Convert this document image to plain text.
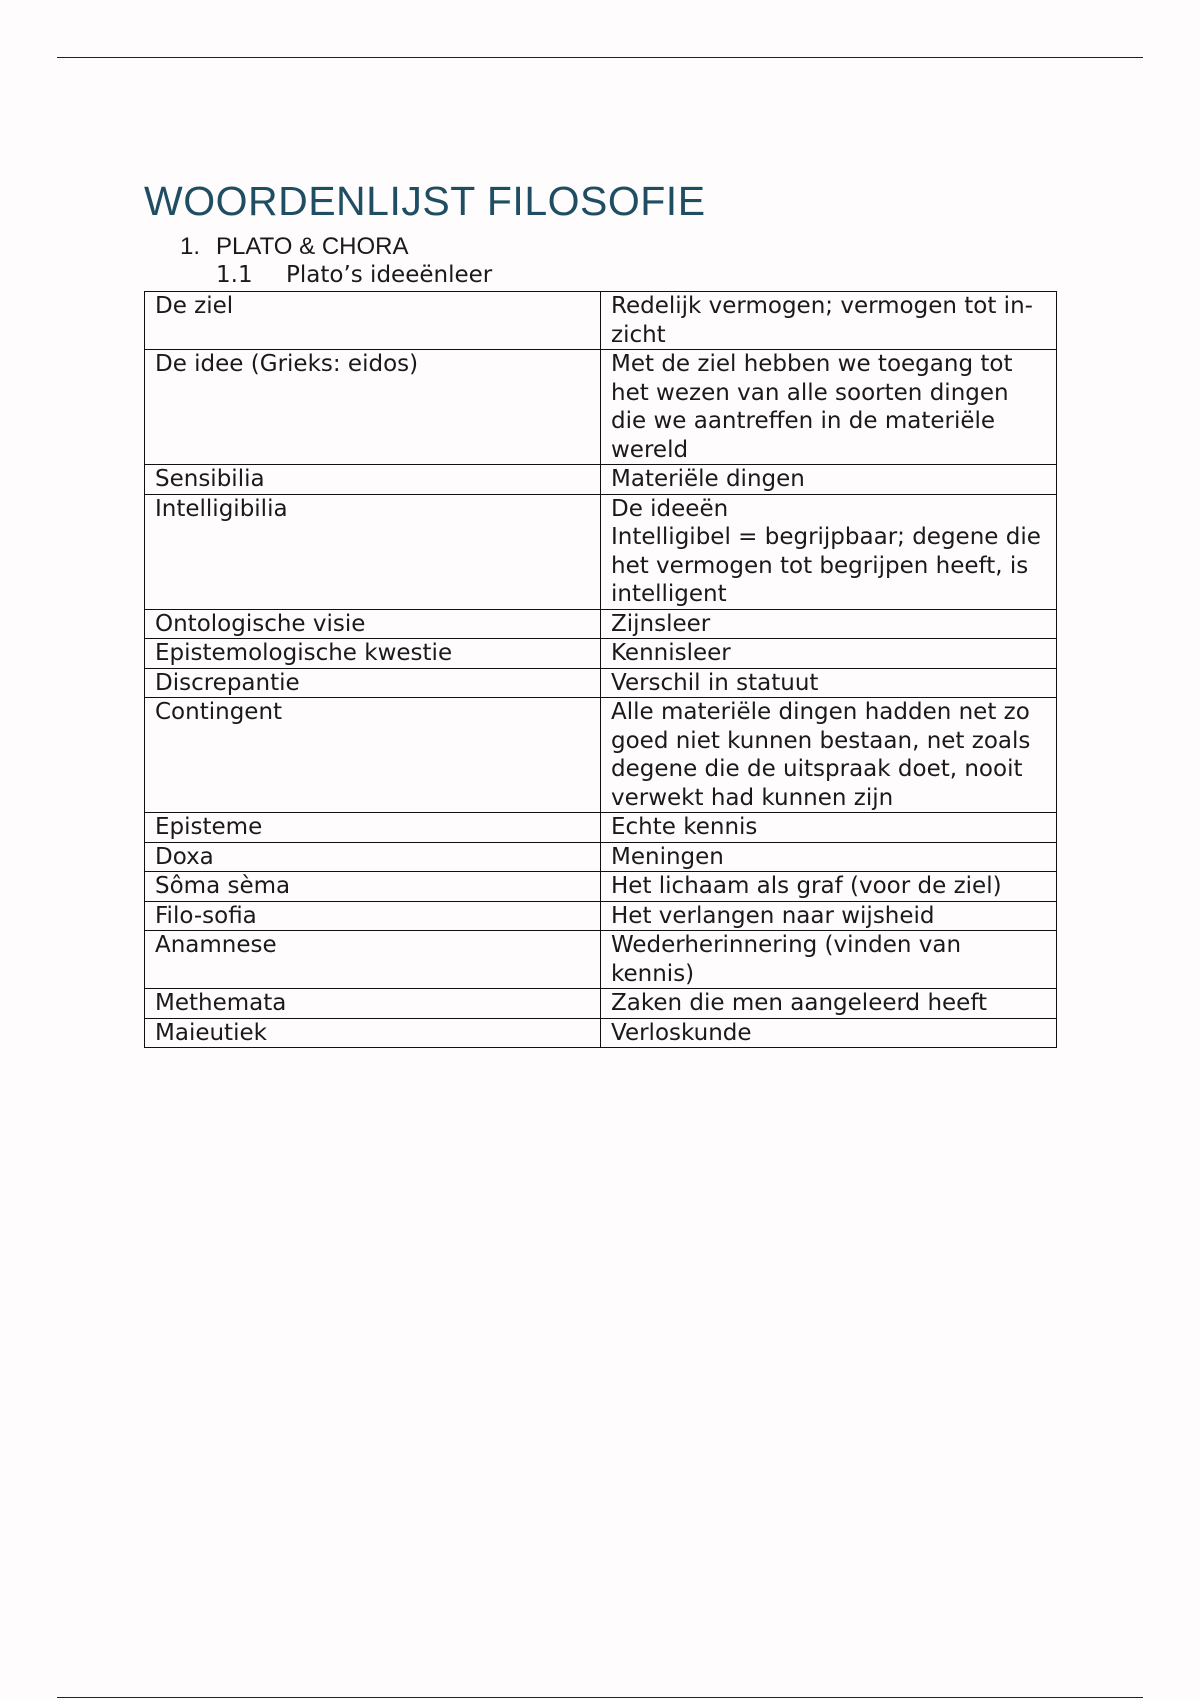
WOORDENLIJST FILOSOFIE
1. PLATO & CHORA
1.1 Plato’s ideeënleer
De ziel	Redelijk vermogen; vermogen tot in-zicht
De idee (Grieks: eidos)	Met de ziel hebben we toegang tot het wezen van alle soorten dingen die we aantreffen in de materiële wereld
Sensibilia	Materiële dingen
Intelligibilia	De ideeën
Intelligibel = begrijpbaar; degene die het vermogen tot begrijpen heeft, is intelligent
Ontologische visie	Zijnsleer
Epistemologische kwestie	Kennisleer
Discrepantie	Verschil in statuut
Contingent	Alle materiële dingen hadden net zo goed niet kunnen bestaan, net zoals degene die de uitspraak doet, nooit verwekt had kunnen zijn
Episteme	Echte kennis
Doxa	Meningen
Sôma sèma	Het lichaam als graf (voor de ziel)
Filo-sofia	Het verlangen naar wijsheid
Anamnese	Wederherinnering (vinden van kennis)
Methemata	Zaken die men aangeleerd heeft
Maieutiek	Verloskunde
